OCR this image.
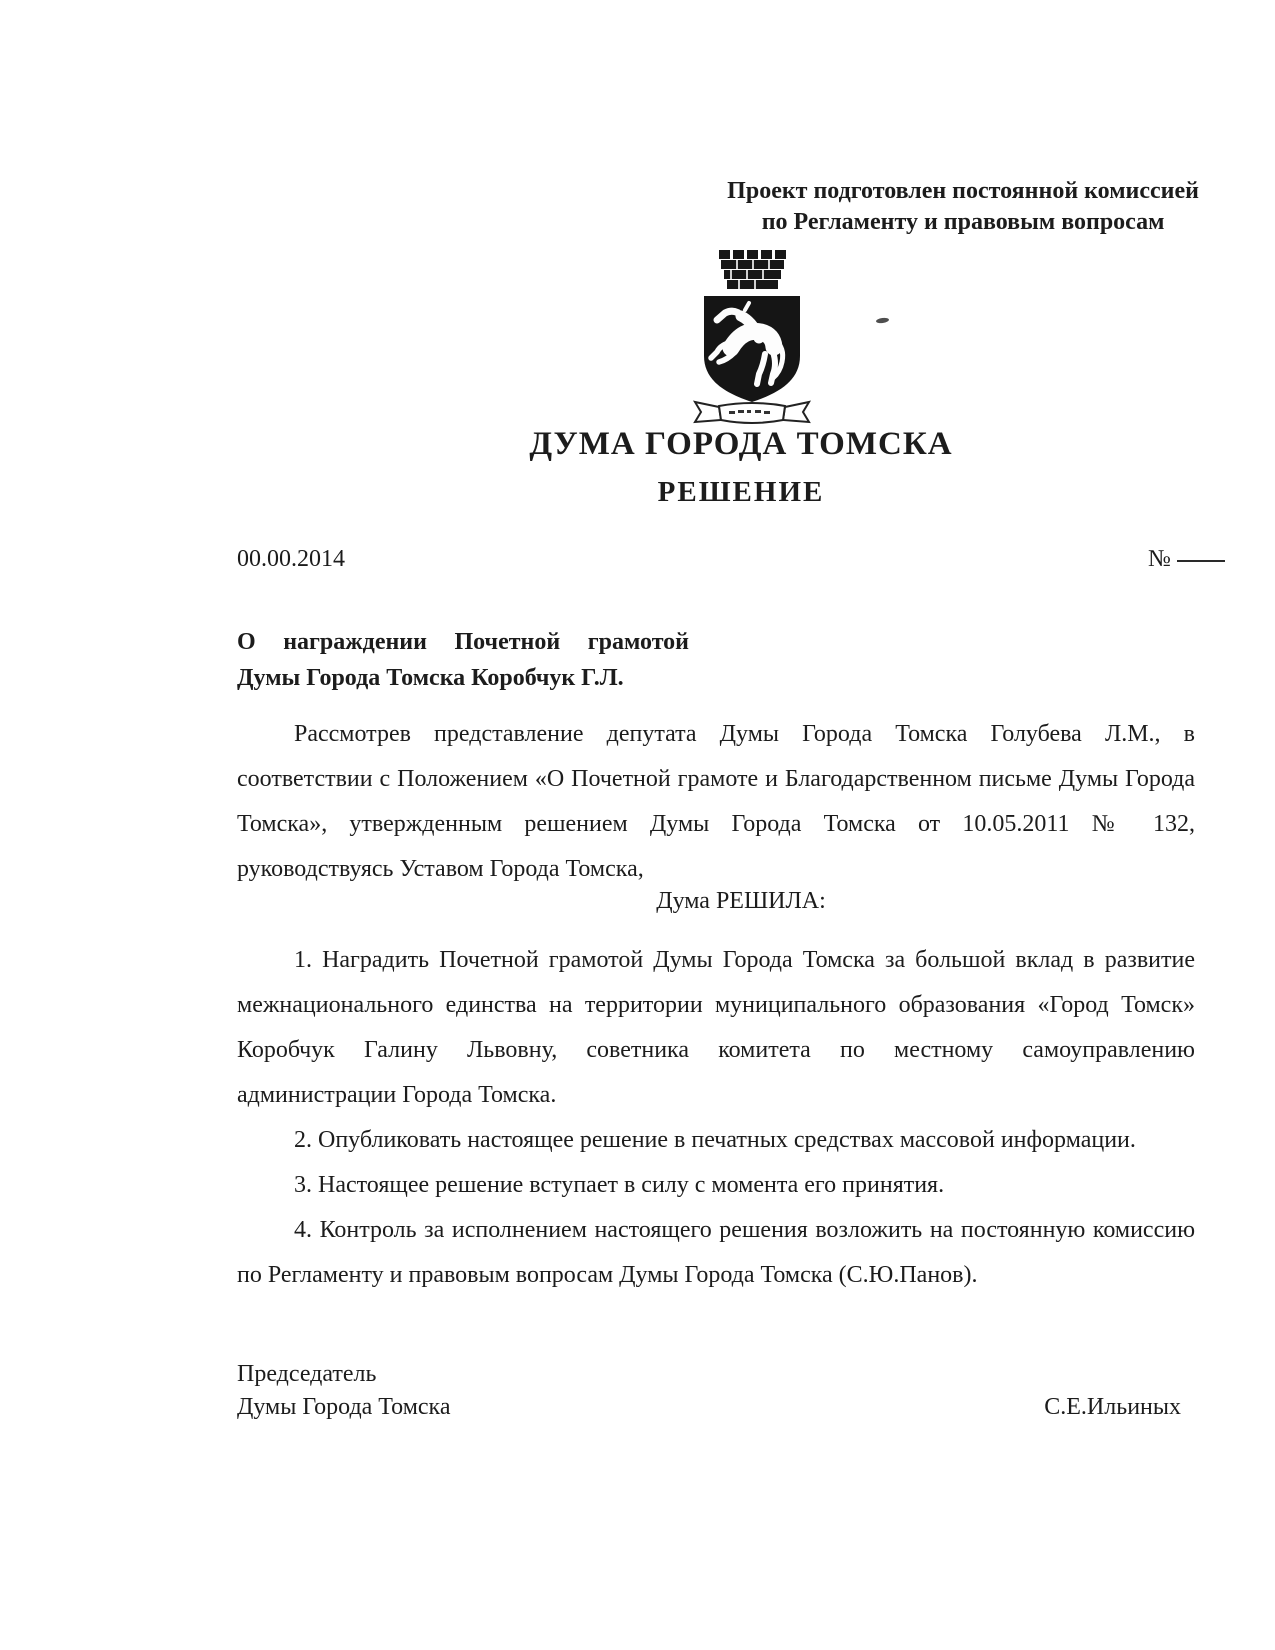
Проект подготовлен постоянной комиссией
по Регламенту и правовым вопросам
ДУМА ГОРОДА ТОМСКА
РЕШЕНИЕ
00.00.2014	№
О награждении Почетной грамотой Думы Города Томска Коробчук Г.Л.

Рассмотрев представление депутата Думы Города Томска Голубева Л.М., в соответствии с Положением «О Почетной грамоте и Благодарственном письме Думы Города Томска», утвержденным решением Думы Города Томска от 10.05.2011 № 132, руководствуясь Уставом Города Томска,

Дума РЕШИЛА:

1. Наградить Почетной грамотой Думы Города Томска за большой вклад в развитие межнационального единства на территории муниципального образования «Город Томск» Коробчук Галину Львовну, советника комитета по местному самоуправлению администрации Города Томска.

2. Опубликовать настоящее решение в печатных средствах массовой информации.

3. Настоящее решение вступает в силу с момента его принятия.

4. Контроль за исполнением настоящего решения возложить на постоянную комиссию по Регламенту и правовым вопросам Думы Города Томска (С.Ю.Панов).

Председатель
Думы Города Томска	С.Е.Ильиных
